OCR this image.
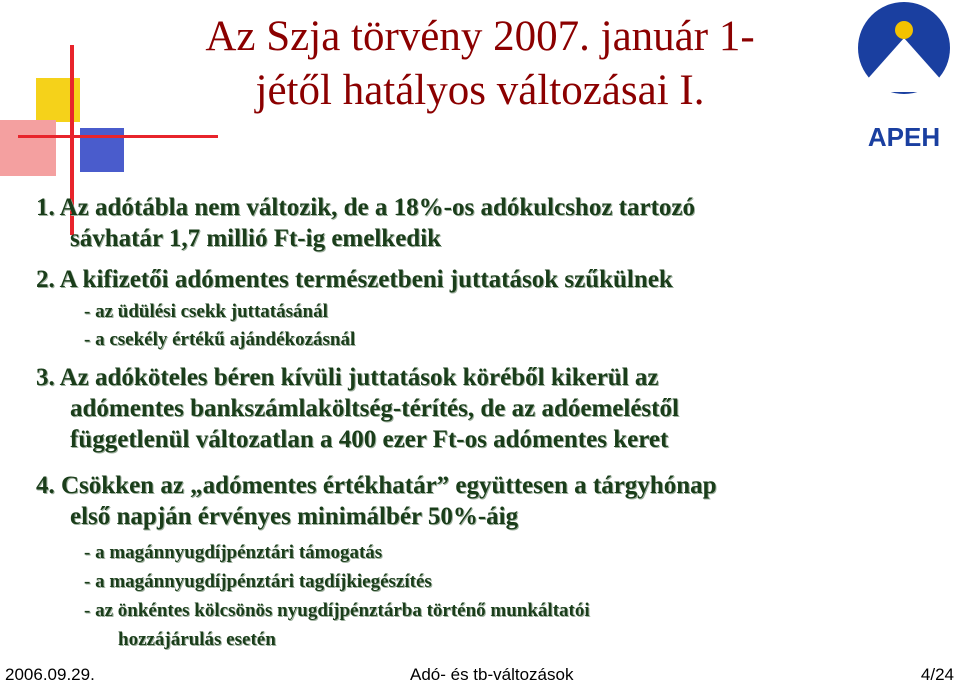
Az Szja törvény 2007. január 1-
jétől hatályos változásai I.
APEH
1. Az adótábla nem változik, de a 18%-os adókulcshoz tartozó
sávhatár 1,7 millió Ft-ig emelkedik
2. A kifizetői adómentes természetbeni juttatások szűkülnek
- az üdülési csekk juttatásánál
- a csekély értékű ajándékozásnál
3. Az adóköteles béren kívüli juttatások köréből kikerül az
adómentes bankszámlaköltség-térítés, de az adóemeléstől
függetlenül változatlan a 400 ezer Ft-os adómentes keret
4. Csökken az „adómentes értékhatár” együttesen a tárgyhónap
első napján érvényes minimálbér 50%-áig
- a magánnyugdíjpénztári támogatás
- a magánnyugdíjpénztári tagdíjkiegészítés
- az önkéntes kölcsönös nyugdíjpénztárba történő munkáltatói
hozzájárulás esetén
2006.09.29.	Adó- és tb-változások	4/24
